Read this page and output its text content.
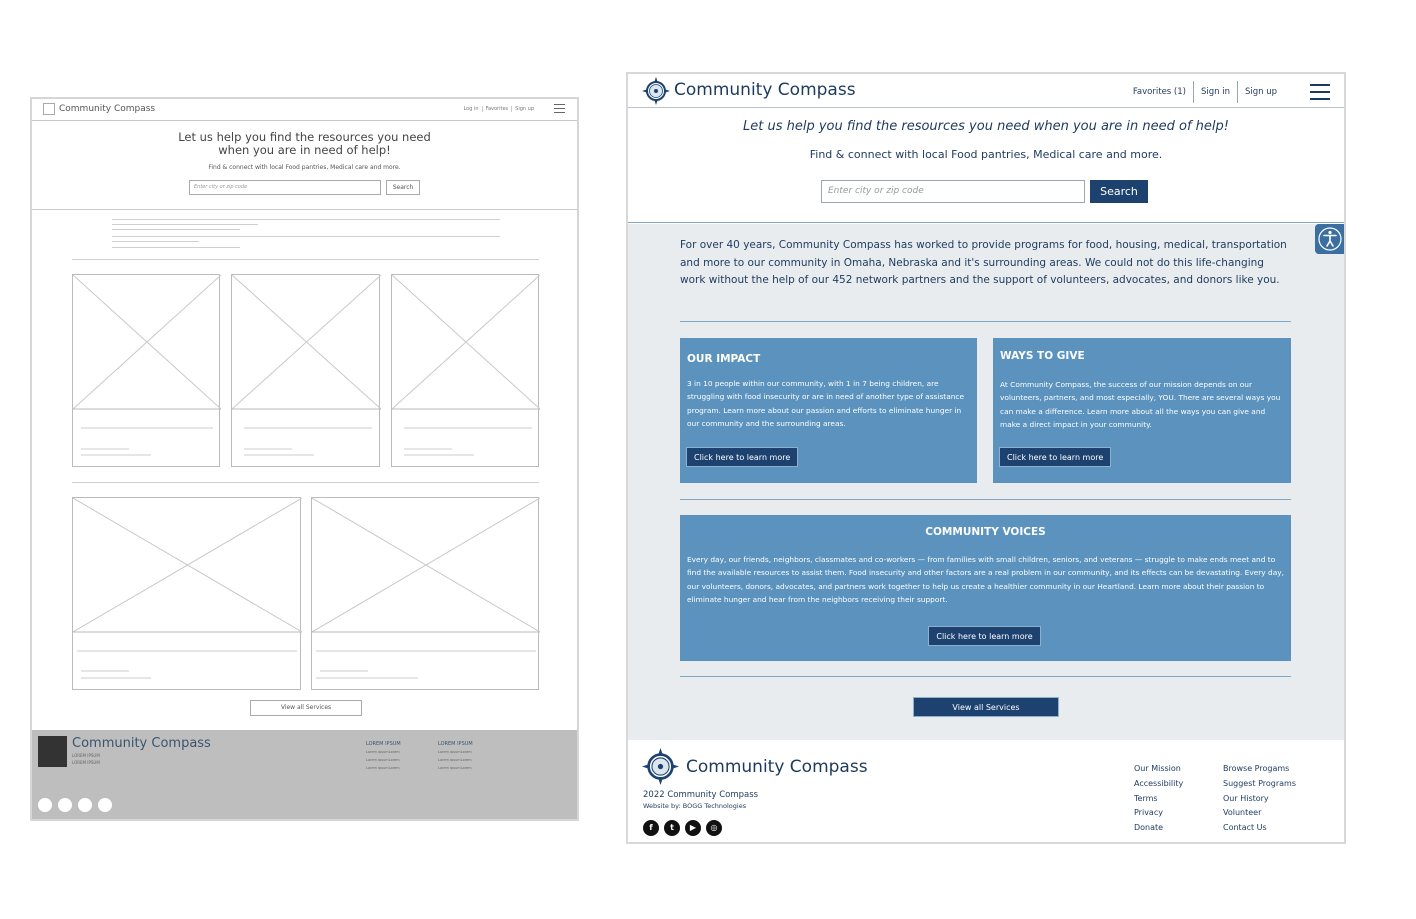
Community Compass	Log in	Favorites	Sign up
Let us help you find the resources you need
when you are in need of help!
Find & connect with local Food pantries, Medical care and more.
Enter city or zip code	Search
View all Services
Community Compass
LOREM IPSUM
LOREM IPSUM
LOREM IPSUM
Lorem ipsumLorem
Lorem ipsumLorem
Lorem ipsumLorem
LOREM IPSUM
Lorem ipsumLorem
Lorem ipsumLorem
Lorem ipsumLorem
Community Compass	Favorites (1)	Sign in	Sign up
Let us help you find the resources you need when you are in need of help!
Find & connect with local Food pantries, Medical care and more.
Enter city or zip code	Search
For over 40 years, Community Compass has worked to provide programs for food, housing, medical, transportation and more to our community in Omaha, Nebraska and it's surrounding areas. We could not do this life-changing work without the help of our 452 network partners and the support of volunteers, advocates, and donors like you.
OUR IMPACT

3 in 10 people within our community, with 1 in 7 being children, are struggling with food insecurity or are in need of another type of assistance program. Learn more about our passion and efforts to eliminate hunger in our community and the surrounding areas.

Click here to learn more
WAYS TO GIVE

At Community Compass, the success of our mission depends on our volunteers, partners, and most especially, YOU. There are several ways you can make a difference. Learn more about all the ways you can give and make a direct impact in your community.

Click here to learn more
COMMUNITY VOICES

Every day, our friends, neighbors, classmates and co-workers — from families with small children, seniors, and veterans — struggle to make ends meet and to find the available resources to assist them. Food insecurity and other factors are a real problem in our community, and its effects can be devastating. Every day, our volunteers, donors, advocates, and partners work together to help us create a healthier community in our Heartland. Learn more about their passion to eliminate hunger and hear from the neighbors receiving their support.

Click here to learn more
View all Services
Community Compass
2022 Community Compass
Website by: BOGG Technologies
f	t	▶	◎
Our Mission
Accessibility
Terms
Privacy
Donate
Browse Progams
Suggest Programs
Our History
Volunteer
Contact Us
